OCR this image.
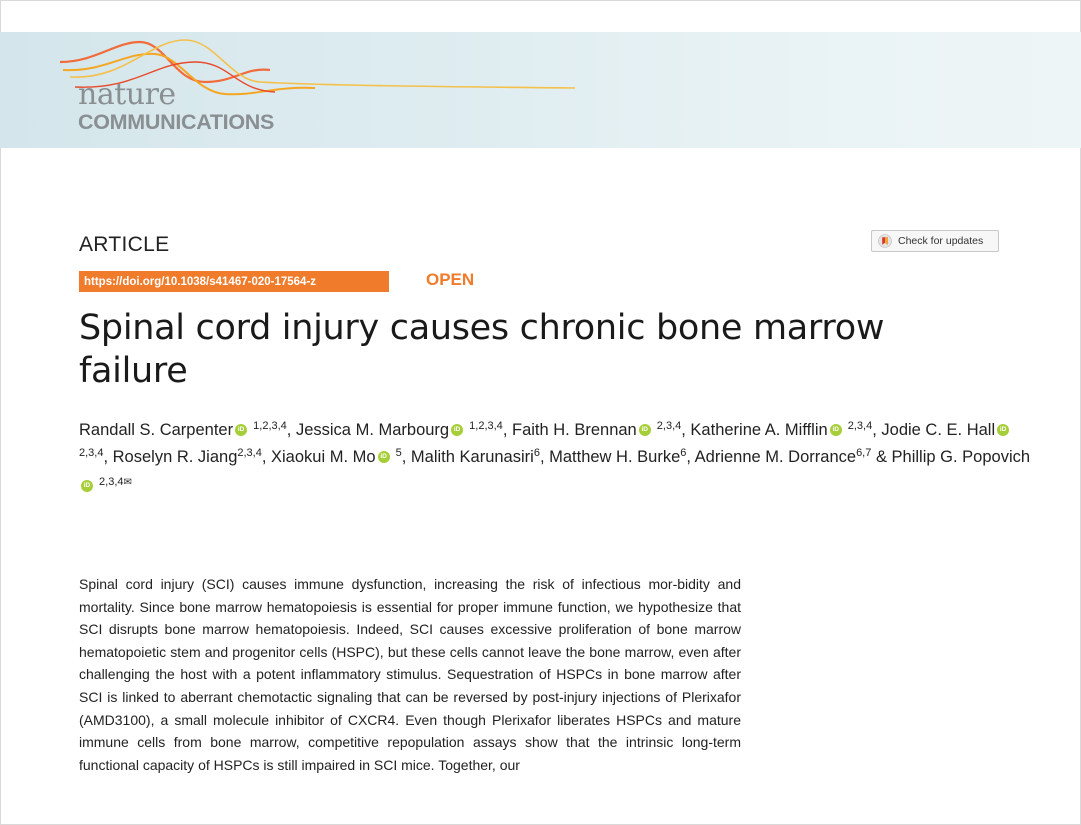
nature
COMMUNICATIONS
ARTICLE	Check for updates
https://doi.org/10.1038/s41467-020-17564-z	OPEN
Spinal cord injury causes chronic bone marrow failure
Randall S. CarpenteriD $^{1,2,3,4}$, Jessica M. MarbourgiD $^{1,2,3,4}$, Faith H. BrennaniD $^{2,3,4}$, Katherine A. MiffliniD $^{2,3,4}$, Jodie C. E. HalliD $^{2,3,4}$, Roselyn R. Jiang$^{2,3,4}$, Xiaokui M. MoiD $^5$, Malith Karunasiri$^6$, Matthew H. Burke$^6$, Adrienne M. Dorrance$^{6,7}$ & Phillip G. PopovichiD $^{2,3,4✉}$

Spinal cord injury (SCI) causes immune dysfunction, increasing the risk of infectious mor-bidity and mortality. Since bone marrow hematopoiesis is essential for proper immune function, we hypothesize that SCI disrupts bone marrow hematopoiesis. Indeed, SCI causes excessive proliferation of bone marrow hematopoietic stem and progenitor cells (HSPC), but these cells cannot leave the bone marrow, even after challenging the host with a potent inflammatory stimulus. Sequestration of HSPCs in bone marrow after SCI is linked to aberrant chemotactic signaling that can be reversed by post-injury injections of Plerixafor (AMD3100), a small molecule inhibitor of CXCR4. Even though Plerixafor liberates HSPCs and mature immune cells from bone marrow, competitive repopulation assays show that the intrinsic long-term functional capacity of HSPCs is still impaired in SCI mice. Together, our
